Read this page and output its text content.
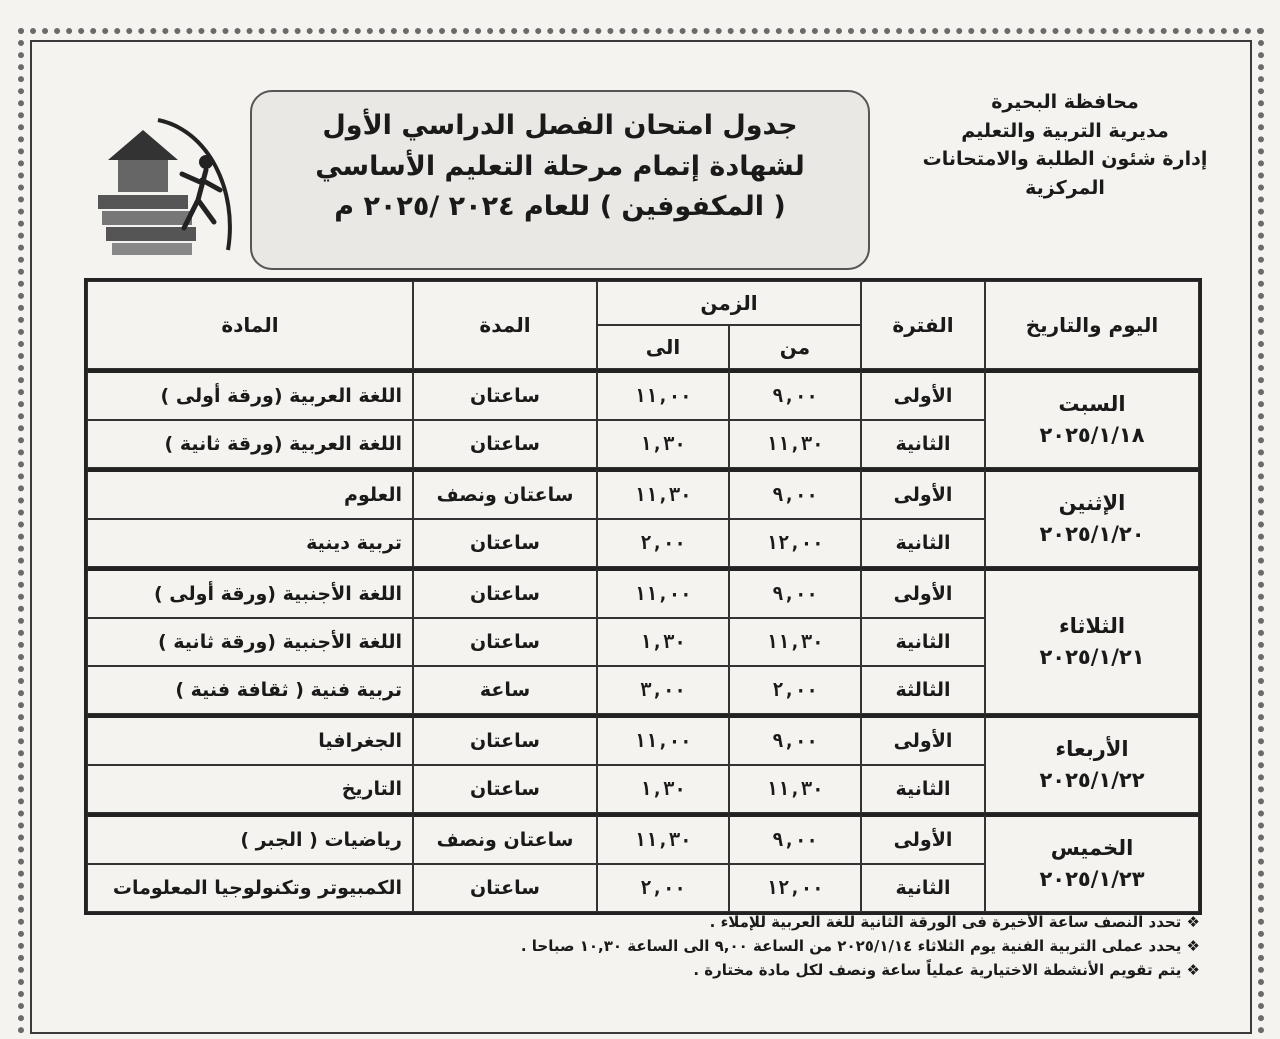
محافظة البحيرة
مديرية التربية والتعليم
إدارة شئون الطلبة والامتحانات
المركزية
جدول امتحان الفصل الدراسي الأول
لشهادة إتمام مرحلة التعليم الأساسي
( المكفوفين ) للعام ٢٠٢٤ /٢٠٢٥ م
اليوم والتاريخ	الفترة	الزمن		المدة	المادة
		من	الى		

السبت
٢٠٢٥/١/١٨	الأولى	٩,٠٠	١١,٠٠	ساعتان	اللغة العربية (ورقة أولى )
	الثانية	١١,٣٠	١,٣٠	ساعتان	اللغة العربية (ورقة ثانية )

الإثنين
٢٠٢٥/١/٢٠	الأولى	٩,٠٠	١١,٣٠	ساعتان ونصف	العلوم
	الثانية	١٢,٠٠	٢,٠٠	ساعتان	تربية دينية

الثلاثاء
٢٠٢٥/١/٢١	الأولى	٩,٠٠	١١,٠٠	ساعتان	اللغة الأجنبية (ورقة أولى )
	الثانية	١١,٣٠	١,٣٠	ساعتان	اللغة الأجنبية (ورقة ثانية )
	الثالثة	٢,٠٠	٣,٠٠	ساعة	تربية فنية ( ثقافة فنية )

الأربعاء
٢٠٢٥/١/٢٢	الأولى	٩,٠٠	١١,٠٠	ساعتان	الجغرافيا
	الثانية	١١,٣٠	١,٣٠	ساعتان	التاريخ

الخميس
٢٠٢٥/١/٢٣	الأولى	٩,٠٠	١١,٣٠	ساعتان ونصف	رياضيات ( الجبر )
	الثانية	١٢,٠٠	٢,٠٠	ساعتان	الكمبيوتر وتكنولوجيا المعلومات
❖ تحدد النصف ساعة الأخيرة فى الورقة الثانية للغة العربية للإملاء .
❖ يحدد عملى التربية الفنية يوم الثلاثاء ٢٠٢٥/١/١٤ من الساعة ٩,٠٠ الى الساعة ١٠,٣٠ صباحا .
❖ يتم تقويم الأنشطة الاختيارية عملياً ساعة ونصف لكل مادة مختارة .
